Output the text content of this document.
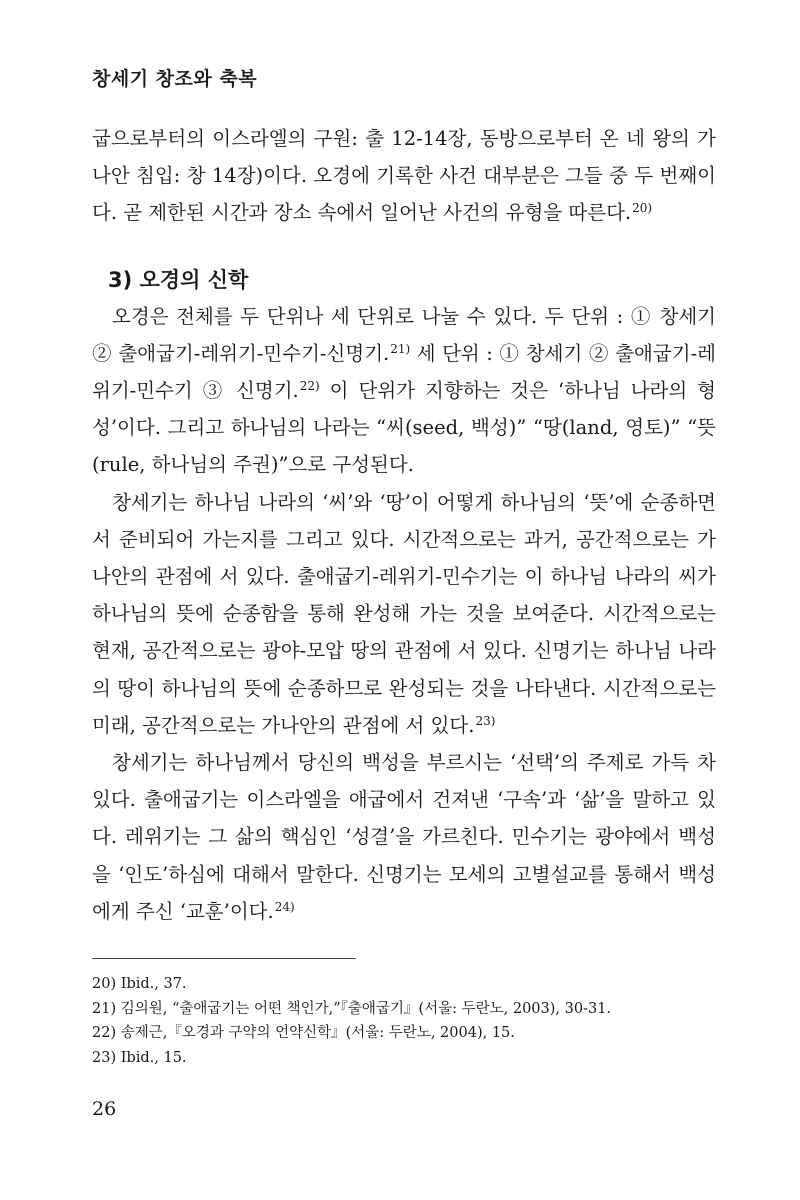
창세기 창조와 축복

굽으로부터의 이스라엘의 구원: 출 12-14장, 동방으로부터 온 네 왕의 가나안 침입: 창 14장)이다. 오경에 기록한 사건 대부분은 그들 중 두 번째이다. 곧 제한된 시간과 장소 속에서 일어난 사건의 유형을 따른다.$^{20)}$

3) 오경의 신학

오경은 전체를 두 단위나 세 단위로 나눌 수 있다. 두 단위 : ① 창세기 ② 출애굽기-레위기-민수기-신명기.$^{21)}$ 세 단위 : ① 창세기 ② 출애굽기-레위기-민수기 ③ 신명기.$^{22)}$ 이 단위가 지향하는 것은 ‘하나님 나라의 형성’이다. 그리고 하나님의 나라는 “씨(seed, 백성)” “땅(land, 영토)” “뜻(rule, 하나님의 주권)”으로 구성된다.

창세기는 하나님 나라의 ‘씨’와 ‘땅’이 어떻게 하나님의 ‘뜻’에 순종하면서 준비되어 가는지를 그리고 있다. 시간적으로는 과거, 공간적으로는 가나안의 관점에 서 있다. 출애굽기-레위기-민수기는 이 하나님 나라의 씨가 하나님의 뜻에 순종함을 통해 완성해 가는 것을 보여준다. 시간적으로는 현재, 공간적으로는 광야-모압 땅의 관점에 서 있다. 신명기는 하나님 나라의 땅이 하나님의 뜻에 순종하므로 완성되는 것을 나타낸다. 시간적으로는 미래, 공간적으로는 가나안의 관점에 서 있다.$^{23)}$

창세기는 하나님께서 당신의 백성을 부르시는 ‘선택’의 주제로 가득 차 있다. 출애굽기는 이스라엘을 애굽에서 건져낸 ‘구속’과 ‘삶’을 말하고 있다. 레위기는 그 삶의 핵심인 ‘성결’을 가르친다. 민수기는 광야에서 백성을 ‘인도’하심에 대해서 말한다. 신명기는 모세의 고별설교를 통해서 백성에게 주신 ‘교훈’이다.$^{24)}$

20) Ibid., 37.

21) 김의원, “출애굽기는 어떤 책인가,”『출애굽기』(서울: 두란노, 2003), 30-31.

22) 송제근,『오경과 구약의 언약신학』(서울: 두란노, 2004), 15.

23) Ibid., 15.

26
